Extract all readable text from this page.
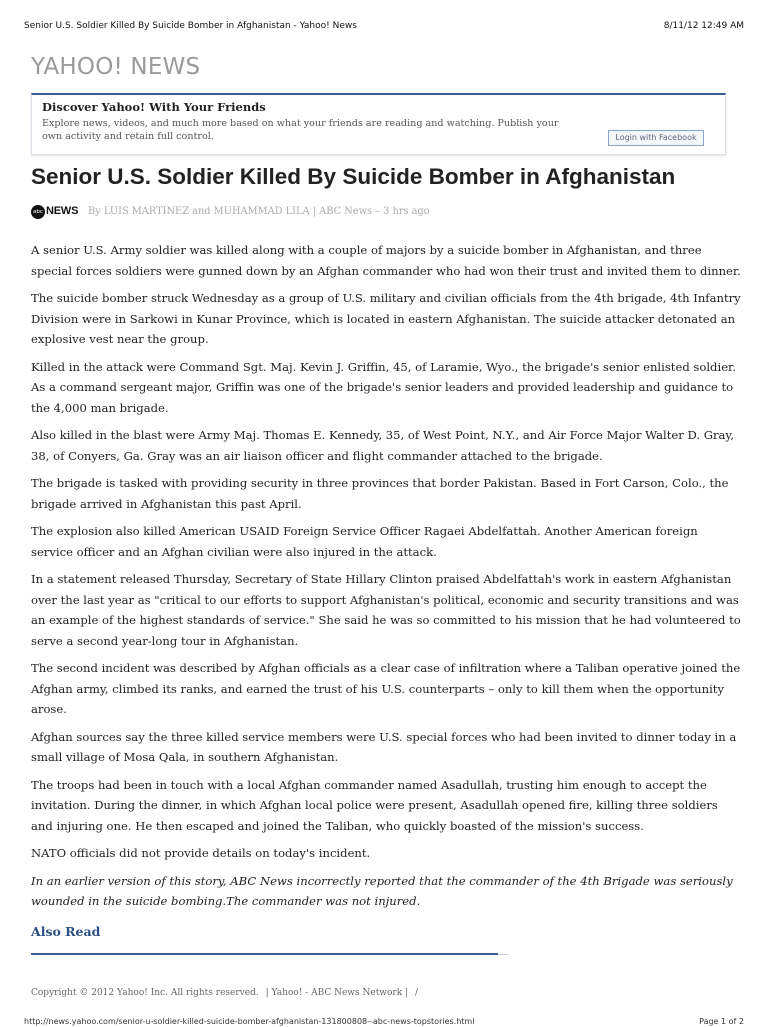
Senior U.S. Soldier Killed By Suicide Bomber in Afghanistan - Yahoo! News	8/11/12 12:49 AM
YAHOO! NEWS
Discover Yahoo! With Your Friends
Explore news, videos, and much more based on what your friends are reading and watching. Publish your own activity and retain full control.	Login with Facebook
Senior U.S. Soldier Killed By Suicide Bomber in Afghanistan
abc NEWS By LUIS MARTINEZ and MUHAMMAD LILA | ABC News – 3 hrs ago

A senior U.S. Army soldier was killed along with a couple of majors by a suicide bomber in Afghanistan, and three special forces soldiers were gunned down by an Afghan commander who had won their trust and invited them to dinner.

The suicide bomber struck Wednesday as a group of U.S. military and civilian officials from the 4th brigade, 4th Infantry Division were in Sarkowi in Kunar Province, which is located in eastern Afghanistan. The suicide attacker detonated an explosive vest near the group.

Killed in the attack were Command Sgt. Maj. Kevin J. Griffin, 45, of Laramie, Wyo., the brigade's senior enlisted soldier. As a command sergeant major, Griffin was one of the brigade's senior leaders and provided leadership and guidance to the 4,000 man brigade.

Also killed in the blast were Army Maj. Thomas E. Kennedy, 35, of West Point, N.Y., and Air Force Major Walter D. Gray, 38, of Conyers, Ga. Gray was an air liaison officer and flight commander attached to the brigade.

The brigade is tasked with providing security in three provinces that border Pakistan. Based in Fort Carson, Colo., the brigade arrived in Afghanistan this past April.

The explosion also killed American USAID Foreign Service Officer Ragaei Abdelfattah. Another American foreign service officer and an Afghan civilian were also injured in the attack.

In a statement released Thursday, Secretary of State Hillary Clinton praised Abdelfattah's work in eastern Afghanistan over the last year as "critical to our efforts to support Afghanistan's political, economic and security transitions and was an example of the highest standards of service." She said he was so committed to his mission that he had volunteered to serve a second year-long tour in Afghanistan.

The second incident was described by Afghan officials as a clear case of infiltration where a Taliban operative joined the Afghan army, climbed its ranks, and earned the trust of his U.S. counterparts – only to kill them when the opportunity arose.

Afghan sources say the three killed service members were U.S. special forces who had been invited to dinner today in a small village of Mosa Qala, in southern Afghanistan.

The troops had been in touch with a local Afghan commander named Asadullah, trusting him enough to accept the invitation. During the dinner, in which Afghan local police were present, Asadullah opened fire, killing three soldiers and injuring one. He then escaped and joined the Taliban, who quickly boasted of the mission's success.

NATO officials did not provide details on today's incident.

In an earlier version of this story, ABC News incorrectly reported that the commander of the 4th Brigade was seriously wounded in the suicide bombing.The commander was not injured.

Also Read
Copyright © 2012 Yahoo! Inc. All rights reserved. | Yahoo! - ABC News Network | /
http://news.yahoo.com/senior-u-soldier-killed-suicide-bomber-afghanistan-131800808--abc-news-topstories.html	Page 1 of 2
